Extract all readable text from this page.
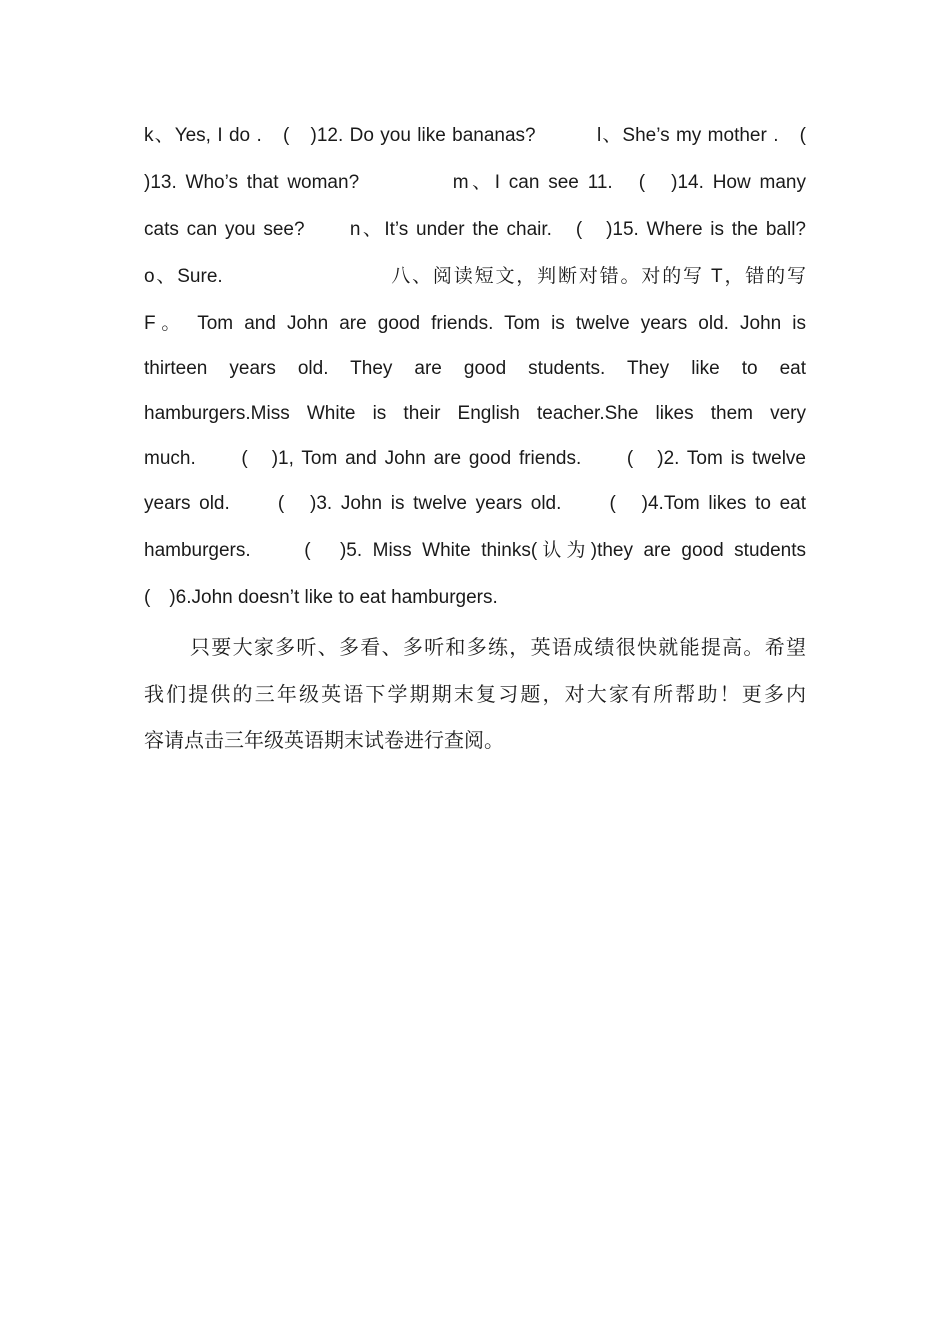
k、Yes, I do .　(　)12. Do you like bananas?　　　l、She’s my mother .　(
)13. Who’s that woman?　　　　m、I can see 11.　(　)14. How many
cats can you see?　　n、It’s under the chair.　(　)15. Where is the ball?
o、Sure.　　　　　　　　八、阅读短文，判断对错。对的写 T，错的写
F。 Tom and John are good friends. Tom is twelve years old. John is
thirteen years old. They are good students. They like to eat
hamburgers.Miss White is their English teacher.She likes them very
much.　　(　)1, Tom and John are good friends.　　(　)2. Tom is twelve
years old.　　(　)3. John is twelve years old.　　(　)4.Tom likes to eat
hamburgers.　　(　)5. Miss White thinks(认为)they are good students
(　)6.John doesn’t like to eat hamburgers.
只要大家多听、多看、多听和多练，英语成绩很快就能提高。希望
我们提供的三年级英语下学期期末复习题，对大家有所帮助！更多内
容请点击三年级英语期末试卷进行查阅。
